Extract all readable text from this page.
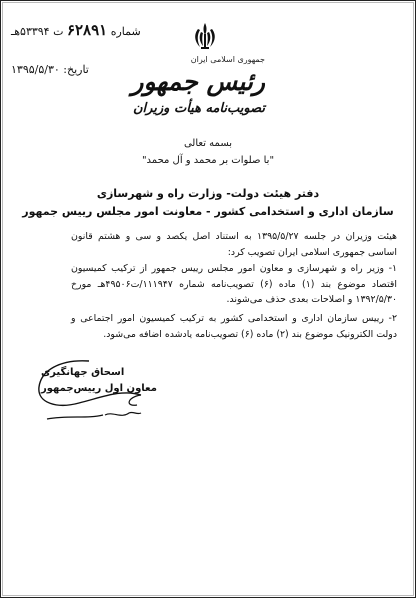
شماره ۶۲۸۹۱ ت ۵۳۳۹۴هـ
تاریخ: ۱۳۹۵/۵/۳۰
جمهوری اسلامی ایران
رئیس جمهور
تصویب‌نامه هیأت وزیران
بسمه تعالی
"با صلوات بر محمد و آل محمد"
دفتر هیئت دولت- وزارت راه و شهرسازی
سازمان اداری و استخدامی کشور - معاونت امور مجلس رییس جمهور

هیئت وزیران در جلسه ۱۳۹۵/۵/۲۷ به استناد اصل یکصد و سی و هشتم قانون اساسی جمهوری اسلامی ایران تصویب کرد:

۱- وزیر راه و شهرسازی و معاون امور مجلس رییس جمهور از ترکیب کمیسیون اقتصاد موضوع بند (۱) ماده (۶) تصویب‌نامه شماره ۱۱۱۹۴۷/ت۴۹۵۰۶هـ مورخ ۱۳۹۲/۵/۳۰ و اصلاحات بعدی حذف می‌شوند.

۲- رییس سازمان اداری و استخدامی کشور به ترکیب کمیسیون امور اجتماعی و دولت الکترونیک موضوع بند (۲) ماده (۶) تصویب‌نامه یادشده اضافه می‌شود.

اسحاق جهانگیری
معاون اول رییس‌جمهور
